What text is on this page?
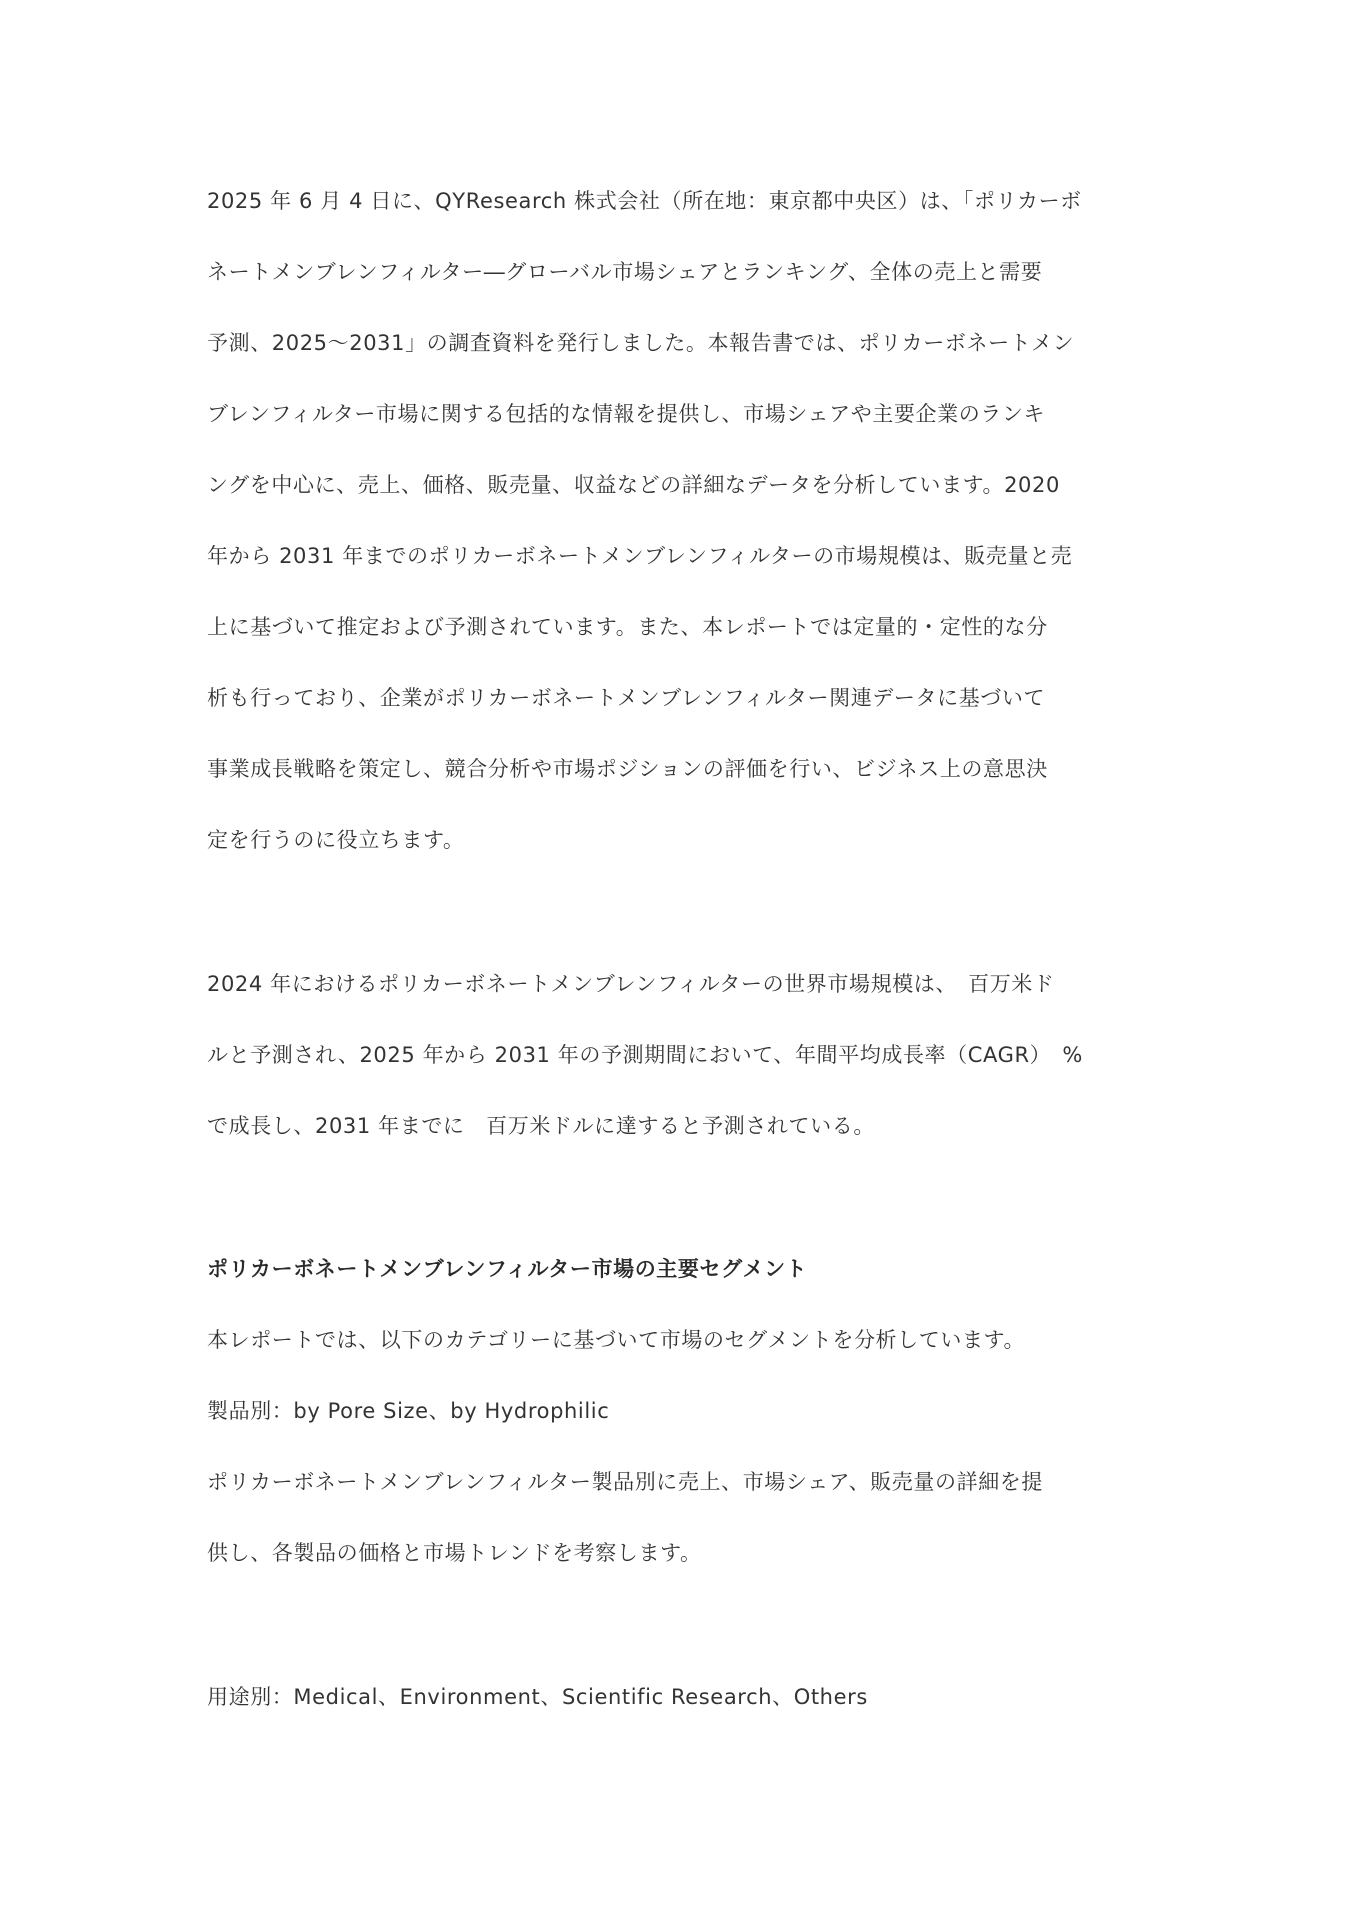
2025 年 6 月 4 日に、QYResearch 株式会社（所在地：東京都中央区）は、「ポリカーボ
ネートメンブレンフィルター―グローバル市場シェアとランキング、全体の売上と需要
予測、2025～2031」の調査資料を発行しました。本報告書では、ポリカーボネートメン
ブレンフィルター市場に関する包括的な情報を提供し、市場シェアや主要企業のランキ
ングを中心に、売上、価格、販売量、収益などの詳細なデータを分析しています。2020
年から 2031 年までのポリカーボネートメンブレンフィルターの市場規模は、販売量と売
上に基づいて推定および予測されています。また、本レポートでは定量的・定性的な分
析も行っており、企業がポリカーボネートメンブレンフィルター関連データに基づいて
事業成長戦略を策定し、競合分析や市場ポジションの評価を行い、ビジネス上の意思決
定を行うのに役立ちます。
2024 年におけるポリカーボネートメンブレンフィルターの世界市場規模は、　百万米ド
ルと予測され、2025 年から 2031 年の予測期間において、年間平均成長率（CAGR）　%
で成長し、2031 年までに　百万米ドルに達すると予測されている。
ポリカーボネートメンブレンフィルター市場の主要セグメント
本レポートでは、以下のカテゴリーに基づいて市場のセグメントを分析しています。
製品別：by Pore Size、by Hydrophilic
ポリカーボネートメンブレンフィルター製品別に売上、市場シェア、販売量の詳細を提
供し、各製品の価格と市場トレンドを考察します。
用途別：Medical、Environment、Scientific Research、Others
